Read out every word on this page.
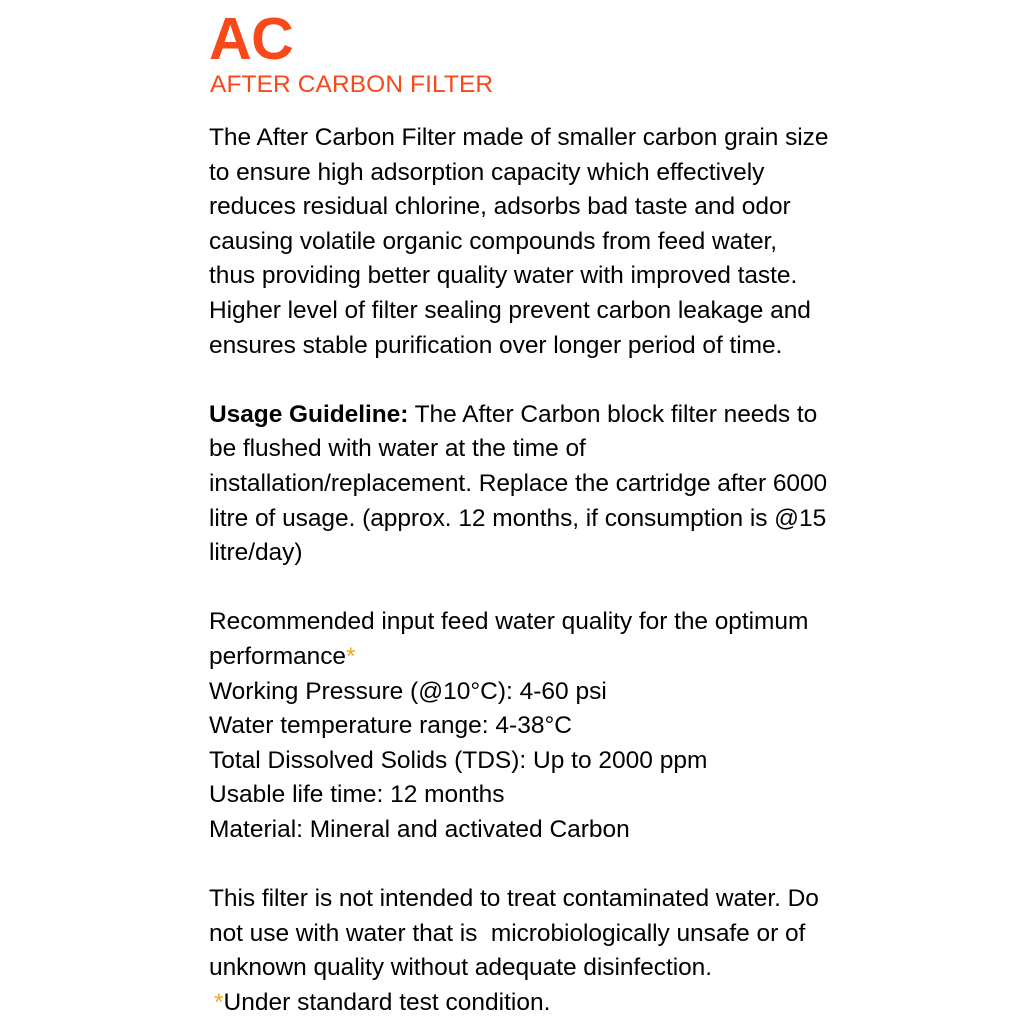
AC
AFTER CARBON FILTER

The After Carbon Filter made of smaller carbon grain size to ensure high adsorption capacity which effectively reduces residual chlorine, adsorbs bad taste and odor causing volatile organic compounds from feed water, thus providing better quality water with improved taste. Higher level of filter sealing prevent carbon leakage and ensures stable purification over longer period of time.

Usage Guideline: The After Carbon block filter needs to be flushed with water at the time of installation/replacement. Replace the cartridge after 6000 litre of usage. (approx. 12 months, if consumption is @15 litre/day)

Recommended input feed water quality for the optimum performance*

Working Pressure (@10°C): 4-60 psi
Water temperature range: 4-38°C
Total Dissolved Solids (TDS): Up to 2000 ppm
Usable life time: 12 months
Material: Mineral and activated Carbon

This filter is not intended to treat contaminated water. Do not use with water that is  microbiologically unsafe or of unknown quality without adequate disinfection.

*Under standard test condition.
